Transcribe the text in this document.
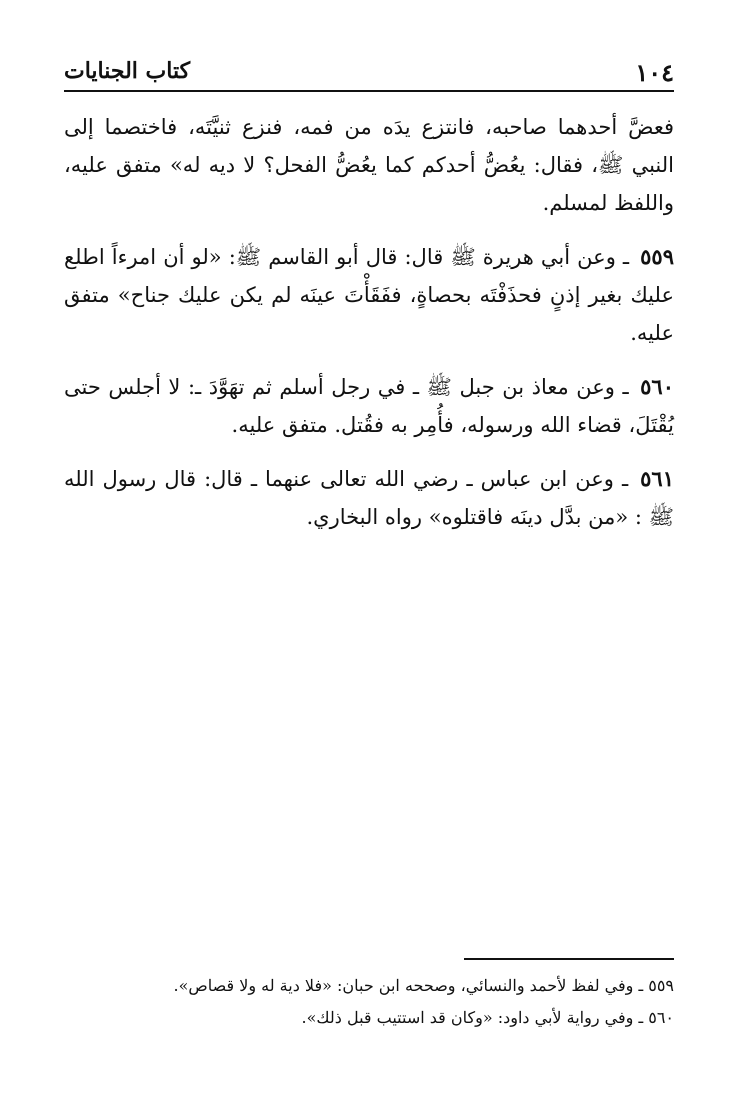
١٠٤
كتاب الجنايات

فعضَّ أحدهما صاحبه، فانتزع يدَه من فمه، فنزع ثنيَّتَه، فاختصما إلى النبي ﷺ، فقال: يعُضُّ أحدكم كما يعُضُّ الفحل؟ لا ديه له» متفق عليه، واللفظ لمسلم.

٥٥٩ ـ وعن أبي هريرة ﷺ قال: قال أبو القاسم ﷺ: «لو أن امرءاً اطلع عليك بغير إذنٍ فحذَفْتَه بحصاةٍ، ففَقَأْتَ عينَه لم يكن عليك جناح» متفق عليه.

٥٦٠ ـ وعن معاذ بن جبل ﷺ ـ في رجل أسلم ثم تهَوَّدَ ـ: لا أجلس حتى يُقْتَلَ، قضاء الله ورسوله، فأُمِر به فقُتل. متفق عليه.

٥٦١ ـ وعن ابن عباس ـ رضي الله تعالى عنهما ـ قال: قال رسول الله ﷺ : «من بدَّل دينَه فاقتلوه» رواه البخاري.

٥٥٩ ـ وفي لفظ لأحمد والنسائي، وصححه ابن حبان: «فلا دية له ولا قصاص».

٥٦٠ ـ وفي رواية لأبي داود: «وكان قد استتيب قبل ذلك».
